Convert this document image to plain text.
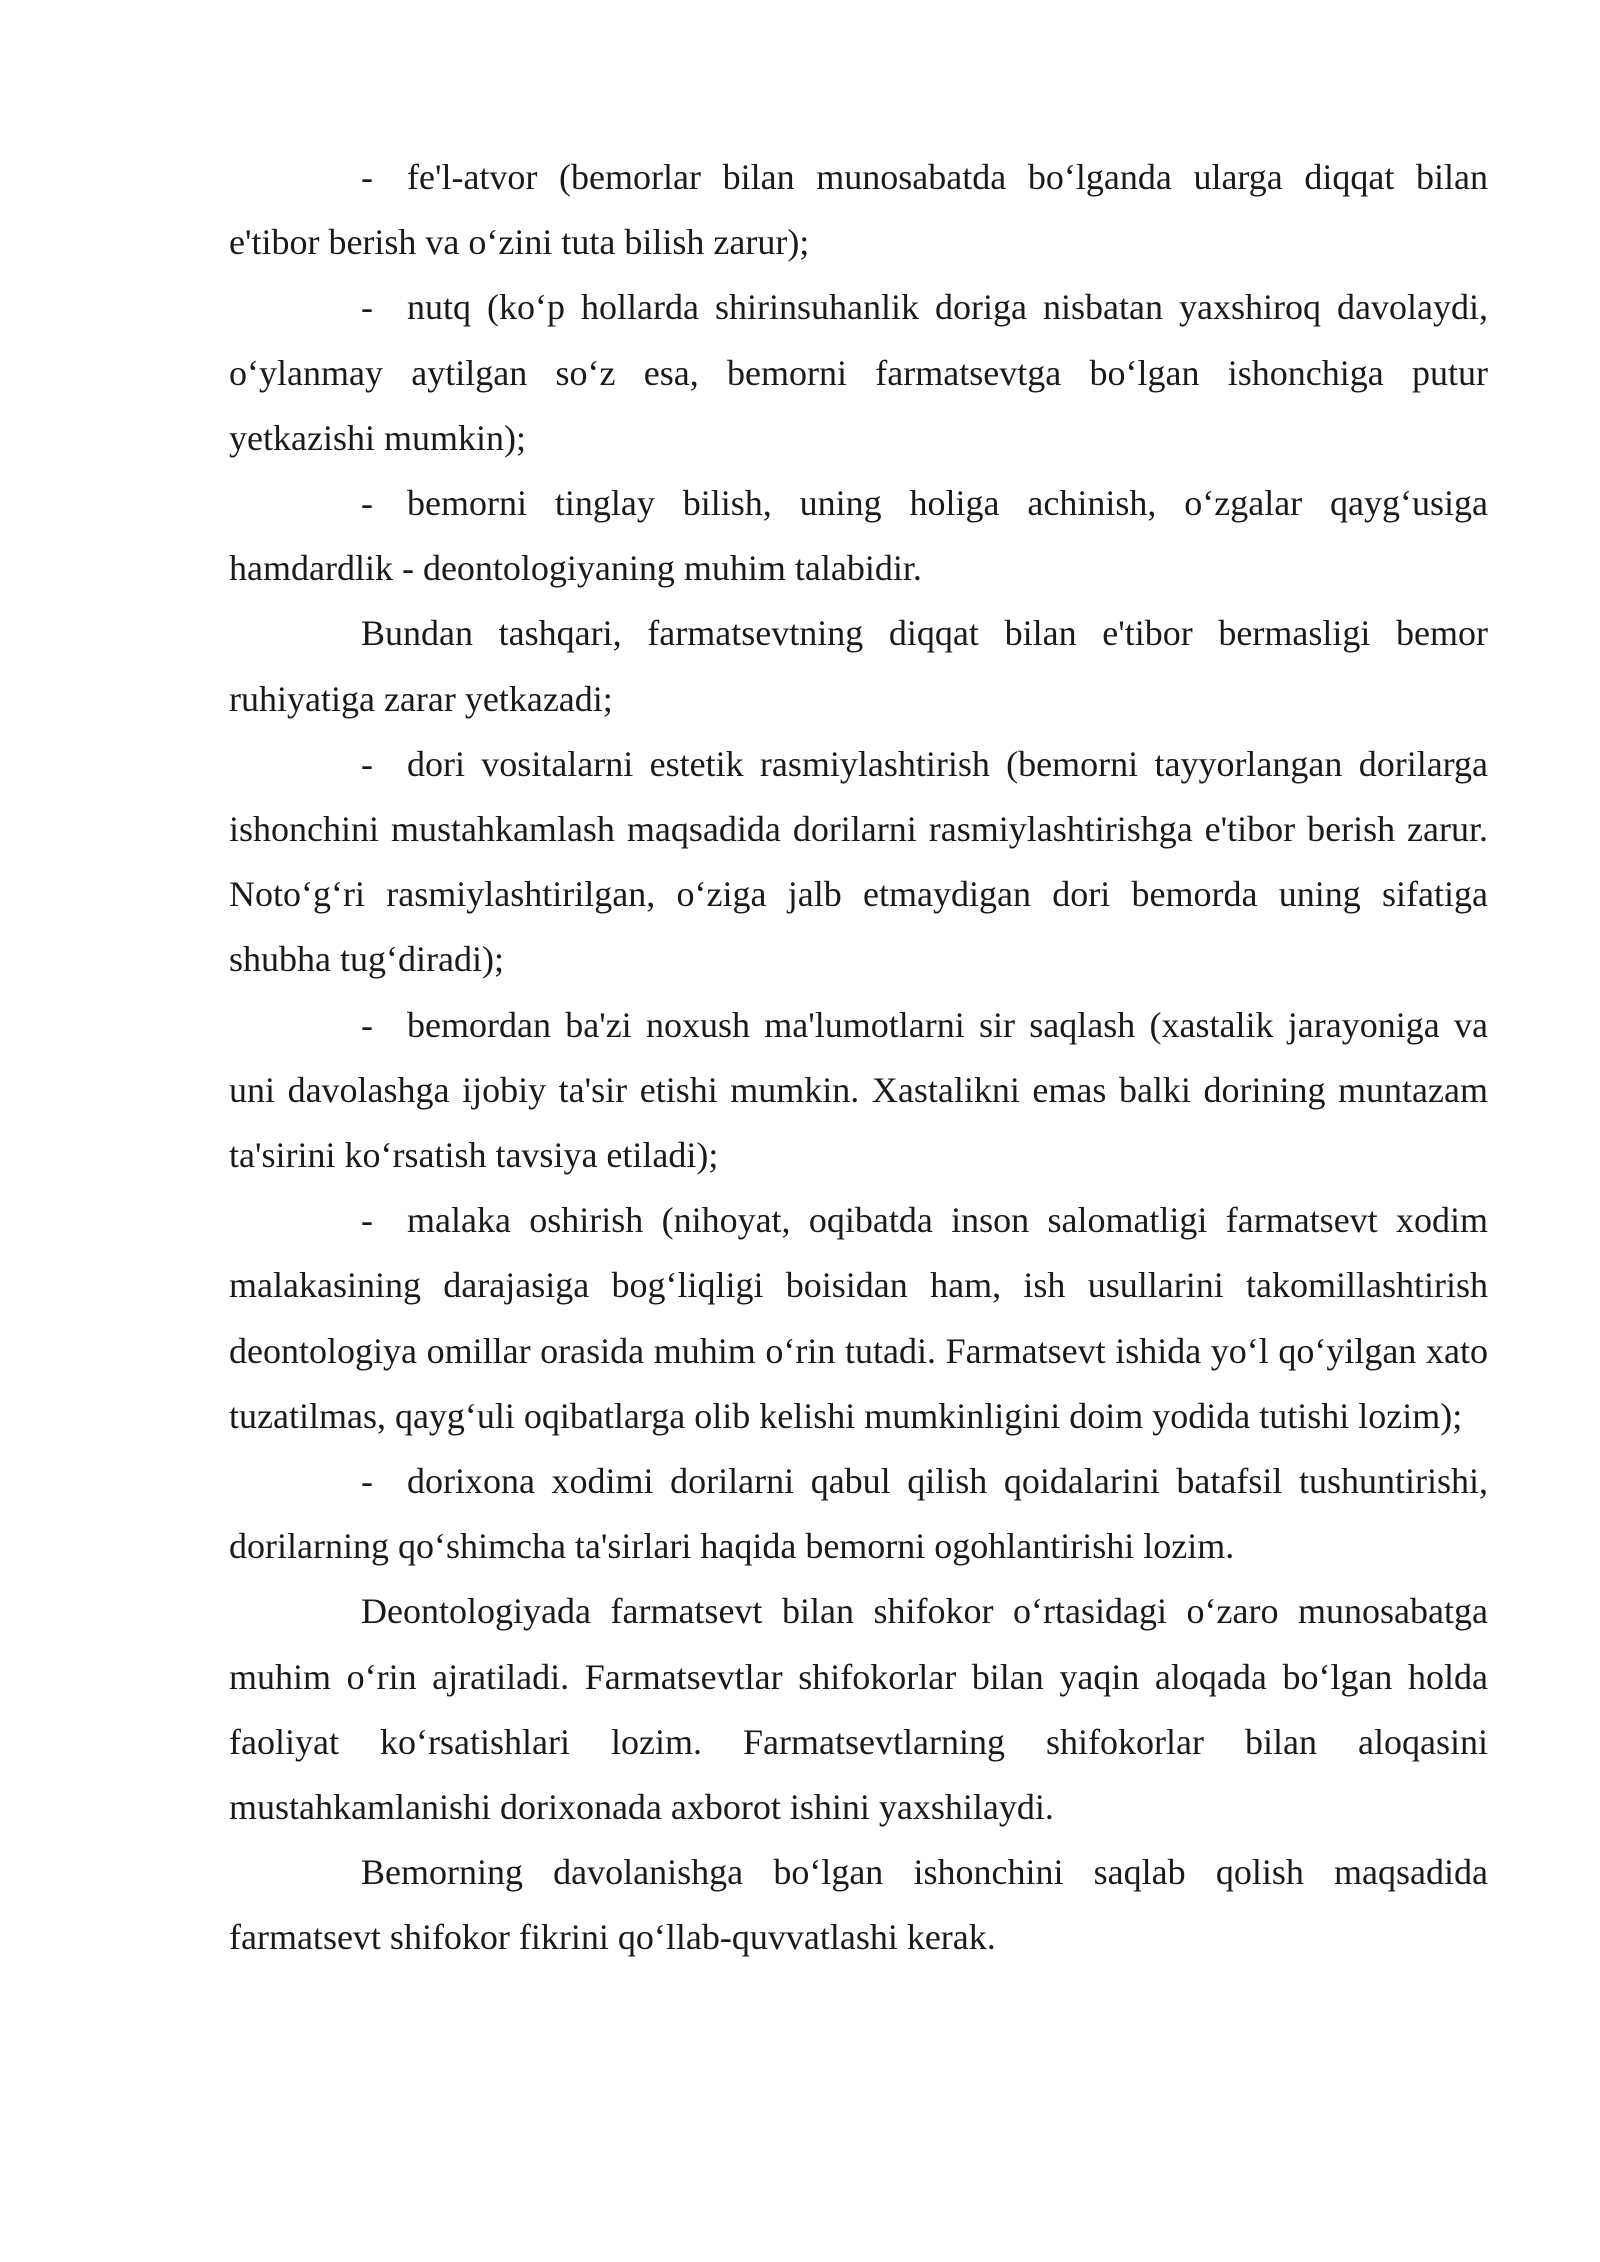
- fe'l-atvor (bemorlar bilan munosabatda bo‘lganda ularga diqqat bilan e'tibor berish va o‘zini tuta bilish zarur);

- nutq (ko‘p hollarda shirinsuhanlik doriga nisbatan yaxshiroq davolaydi, o‘ylanmay aytilgan so‘z esa, bemorni farmatsevtga bo‘lgan ishonchiga putur yetkazishi mumkin);

- bemorni tinglay bilish, uning holiga achinish, o‘zgalar qayg‘usiga hamdardlik - deontologiyaning muhim talabidir.

Bundan tashqari, farmatsevtning diqqat bilan e'tibor bermasligi bemor ruhiyatiga zarar yetkazadi;

- dori vositalarni estetik rasmiylashtirish (bemorni tayyorlangan dorilarga ishonchini mustahkamlash maqsadida dorilarni rasmiylashtirishga e'tibor berish zarur. Noto‘g‘ri rasmiylashtirilgan, o‘ziga jalb etmaydigan dori bemorda uning sifatiga shubha tug‘diradi);

- bemordan ba'zi noxush ma'lumotlarni sir saqlash (xastalik jarayoniga va uni davolashga ijobiy ta'sir etishi mumkin. Xastalikni emas balki dorining muntazam ta'sirini ko‘rsatish tavsiya etiladi);

- malaka oshirish (nihoyat, oqibatda inson salomatligi farmatsevt xodim malakasining darajasiga bog‘liqligi boisidan ham, ish usullarini takomillashtirish deontologiya omillar orasida muhim o‘rin tutadi. Farmatsevt ishida yo‘l qo‘yilgan xato tuzatilmas, qayg‘uli oqibatlarga olib kelishi mumkinligini doim yodida tutishi lozim);

- dorixona xodimi dorilarni qabul qilish qoidalarini batafsil tushuntirishi, dorilarning qo‘shimcha ta'sirlari haqida bemorni ogohlantirishi lozim.

Deontologiyada farmatsevt bilan shifokor o‘rtasidagi o‘zaro munosabatga muhim o‘rin ajratiladi. Farmatsevtlar shifokorlar bilan yaqin aloqada bo‘lgan holda faoliyat ko‘rsatishlari lozim. Farmatsevtlarning shifokorlar bilan aloqasini mustahkamlanishi dorixonada axborot ishini yaxshilaydi.

Bemorning davolanishga bo‘lgan ishonchini saqlab qolish maqsadida farmatsevt shifokor fikrini qo‘llab-quvvatlashi kerak.
